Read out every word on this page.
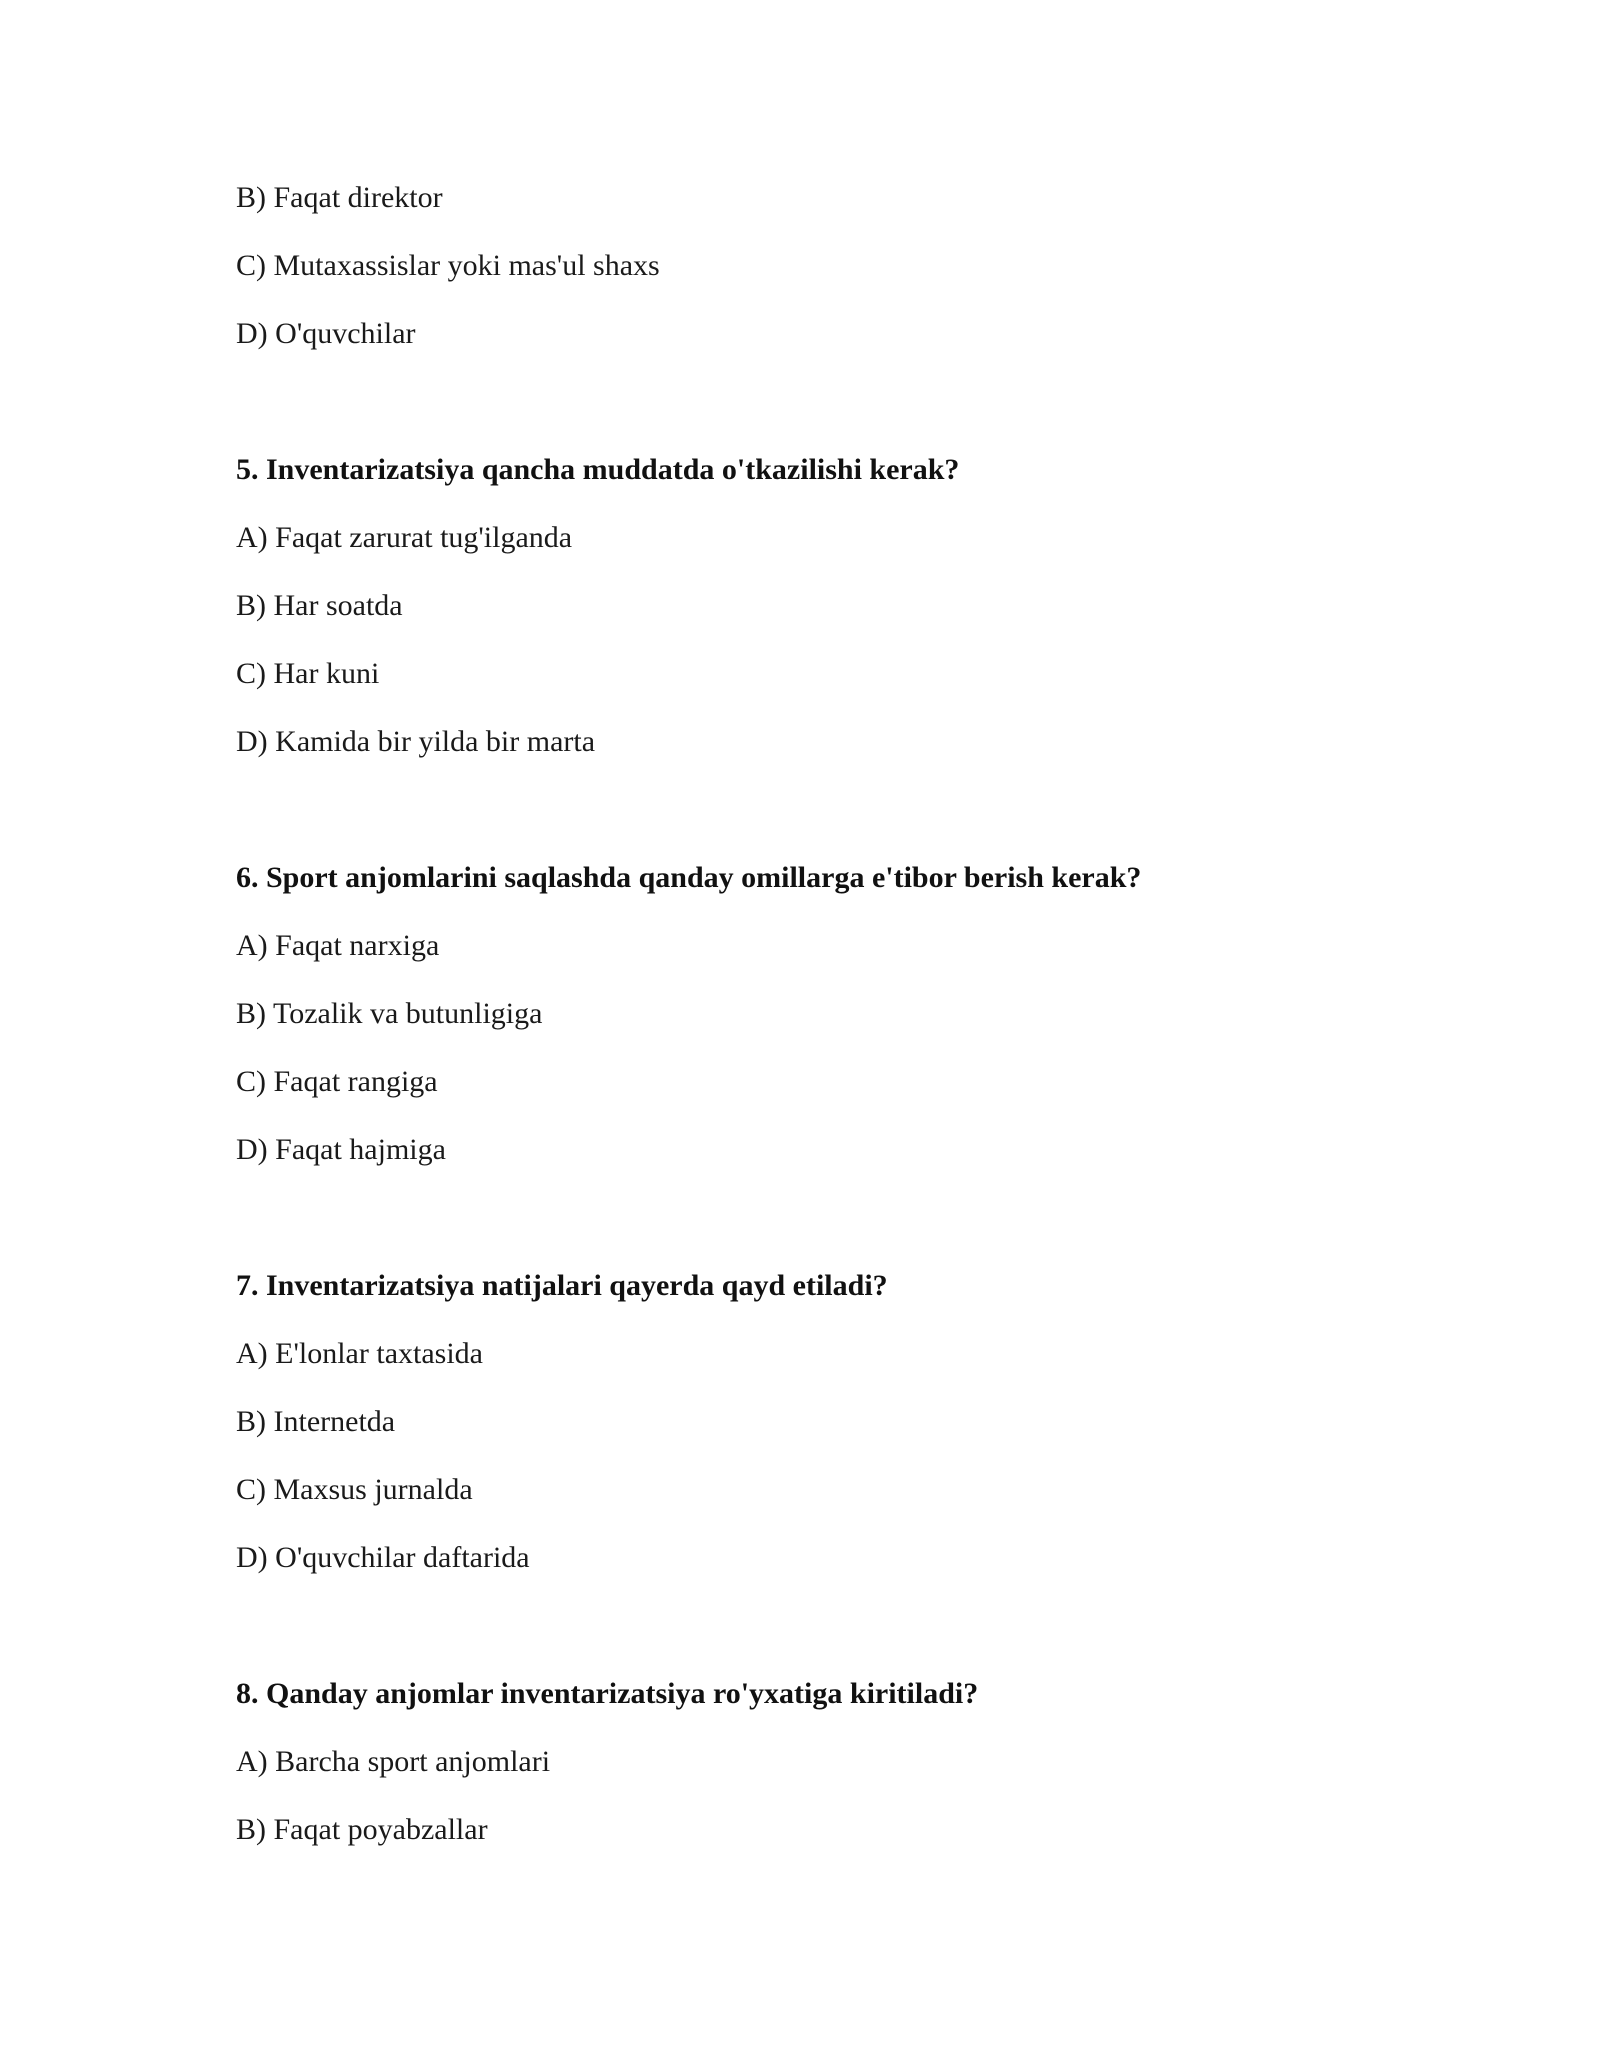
B) Faqat direktor
C) Mutaxassislar yoki mas'ul shaxs
D) O'quvchilar
5. Inventarizatsiya qancha muddatda o'tkazilishi kerak?
A) Faqat zarurat tug'ilganda
B) Har soatda
C) Har kuni
D) Kamida bir yilda bir marta
6. Sport anjomlarini saqlashda qanday omillarga e'tibor berish kerak?
A) Faqat narxiga
B) Tozalik va butunligiga
C) Faqat rangiga
D) Faqat hajmiga
7. Inventarizatsiya natijalari qayerda qayd etiladi?
A) E'lonlar taxtasida
B) Internetda
C) Maxsus jurnalda
D) O'quvchilar daftarida
8. Qanday anjomlar inventarizatsiya ro'yxatiga kiritiladi?
A) Barcha sport anjomlari
B) Faqat poyabzallar
